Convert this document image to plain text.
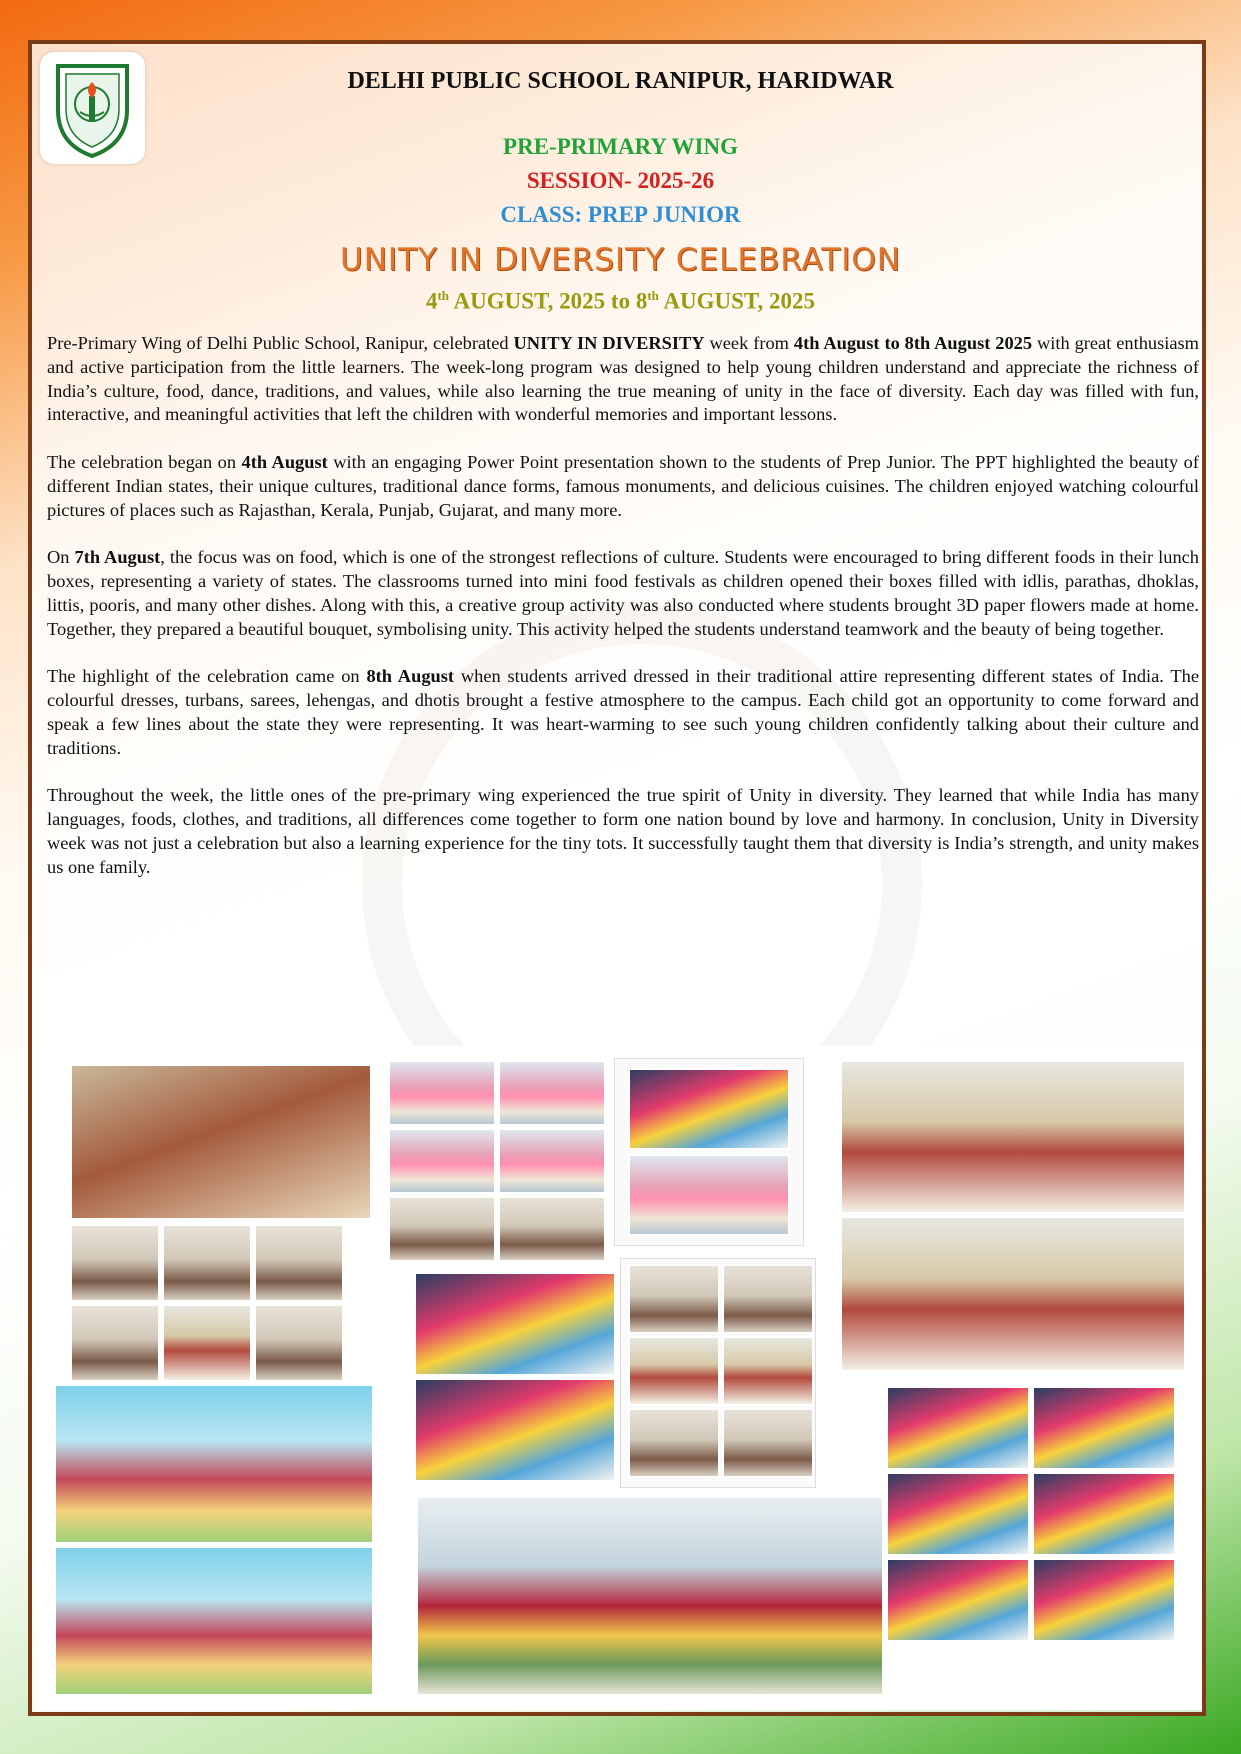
DELHI PUBLIC SCHOOL RANIPUR, HARIDWAR
PRE-PRIMARY WING
SESSION- 2025-26
CLASS: PREP JUNIOR
UNITY IN DIVERSITY CELEBRATION
4th AUGUST, 2025 to 8th AUGUST, 2025

Pre-Primary Wing of Delhi Public School, Ranipur, celebrated UNITY IN DIVERSITY week from 4th August to 8th August 2025 with great enthusiasm and active participation from the little learners. The week-long program was designed to help young children understand and appreciate the richness of India’s culture, food, dance, traditions, and values, while also learning the true meaning of unity in the face of diversity. Each day was filled with fun, interactive, and meaningful activities that left the children with wonderful memories and important lessons.

The celebration began on 4th August with an engaging Power Point presentation shown to the students of Prep Junior. The PPT highlighted the beauty of different Indian states, their unique cultures, traditional dance forms, famous monuments, and delicious cuisines. The children enjoyed watching colourful pictures of places such as Rajasthan, Kerala, Punjab, Gujarat, and many more.

On 7th August, the focus was on food, which is one of the strongest reflections of culture. Students were encouraged to bring different foods in their lunch boxes, representing a variety of states. The classrooms turned into mini food festivals as children opened their boxes filled with idlis, parathas, dhoklas, littis, pooris, and many other dishes. Along with this, a creative group activity was also conducted where students brought 3D paper flowers made at home. Together, they prepared a beautiful bouquet, symbolising unity. This activity helped the students understand teamwork and the beauty of being together.

The highlight of the celebration came on 8th August when students arrived dressed in their traditional attire representing different states of India. The colourful dresses, turbans, sarees, lehengas, and dhotis brought a festive atmosphere to the campus. Each child got an opportunity to come forward and speak a few lines about the state they were representing. It was heart-warming to see such young children confidently talking about their culture and traditions.

Throughout the week, the little ones of the pre-primary wing experienced the true spirit of Unity in diversity. They learned that while India has many languages, foods, clothes, and traditions, all differences come together to form one nation bound by love and harmony. In conclusion, Unity in Diversity week was not just a celebration but also a learning experience for the tiny tots. It successfully taught them that diversity is India’s strength, and unity makes us one family.
